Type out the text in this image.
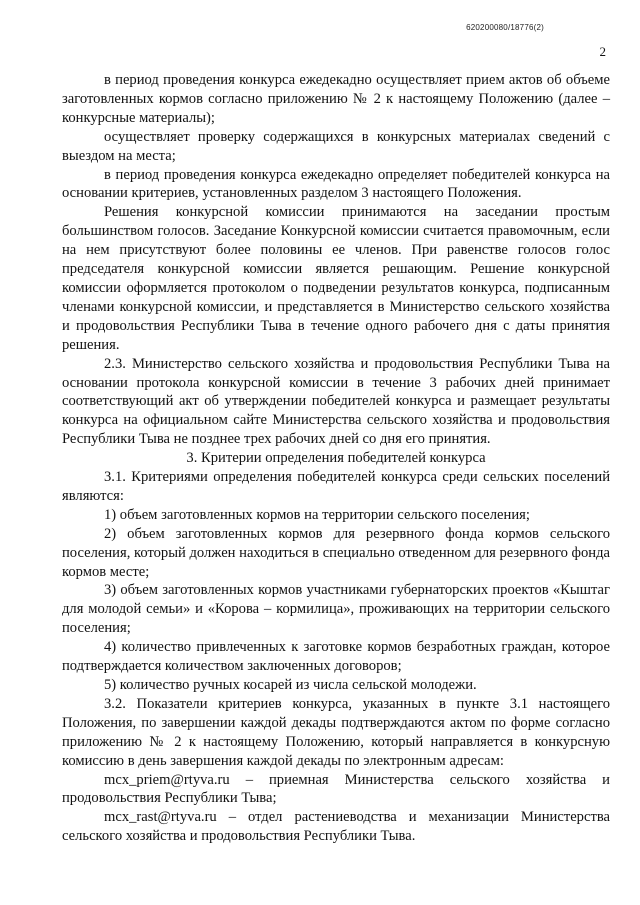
620200080/18776(2)
2

в период проведения конкурса ежедекадно осуществляет прием актов об объеме заготовленных кормов согласно приложению № 2 к настоящему Положению (далее – конкурсные материалы);

осуществляет проверку содержащихся в конкурсных материалах сведений с выездом на места;

в период проведения конкурса ежедекадно определяет победителей конкурса на основании критериев, установленных разделом 3 настоящего Положения.

Решения конкурсной комиссии принимаются на заседании простым большинством голосов. Заседание Конкурсной комиссии считается правомочным, если на нем присутствуют более половины ее членов. При равенстве голосов голос председателя конкурсной комиссии является решающим. Решение конкурсной комиссии оформляется протоколом о подведении результатов конкурса, подписанным членами конкурсной комиссии, и представляется в Министерство сельского хозяйства и продовольствия Республики Тыва в течение одного рабочего дня с даты принятия решения.

2.3. Министерство сельского хозяйства и продовольствия Республики Тыва на основании протокола конкурсной комиссии в течение 3 рабочих дней принимает соответствующий акт об утверждении победителей конкурса и размещает результаты конкурса на официальном сайте Министерства сельского хозяйства и продовольствия Республики Тыва не позднее трех рабочих дней со дня его принятия.

3. Критерии определения победителей конкурса

3.1. Критериями определения победителей конкурса среди сельских поселений являются:

1) объем заготовленных кормов на территории сельского поселения;

2) объем заготовленных кормов для резервного фонда кормов сельского поселения, который должен находиться в специально отведенном для резервного фонда кормов месте;

3) объем заготовленных кормов участниками губернаторских проектов «Кыштаг для молодой семьи» и «Корова – кормилица», проживающих на территории сельского поселения;

4) количество привлеченных к заготовке кормов безработных граждан, которое подтверждается количеством заключенных договоров;

5) количество ручных косарей из числа сельской молодежи.

3.2. Показатели критериев конкурса, указанных в пункте 3.1 настоящего Положения, по завершении каждой декады подтверждаются актом по форме согласно приложению № 2 к настоящему Положению, который направляется в конкурсную комиссию в день завершения каждой декады по электронным адресам:

mcx_priem@rtyva.ru – приемная Министерства сельского хозяйства и продовольствия Республики Тыва;

mcx_rast@rtyva.ru – отдел растениеводства и механизации Министерства сельского хозяйства и продовольствия Республики Тыва.
